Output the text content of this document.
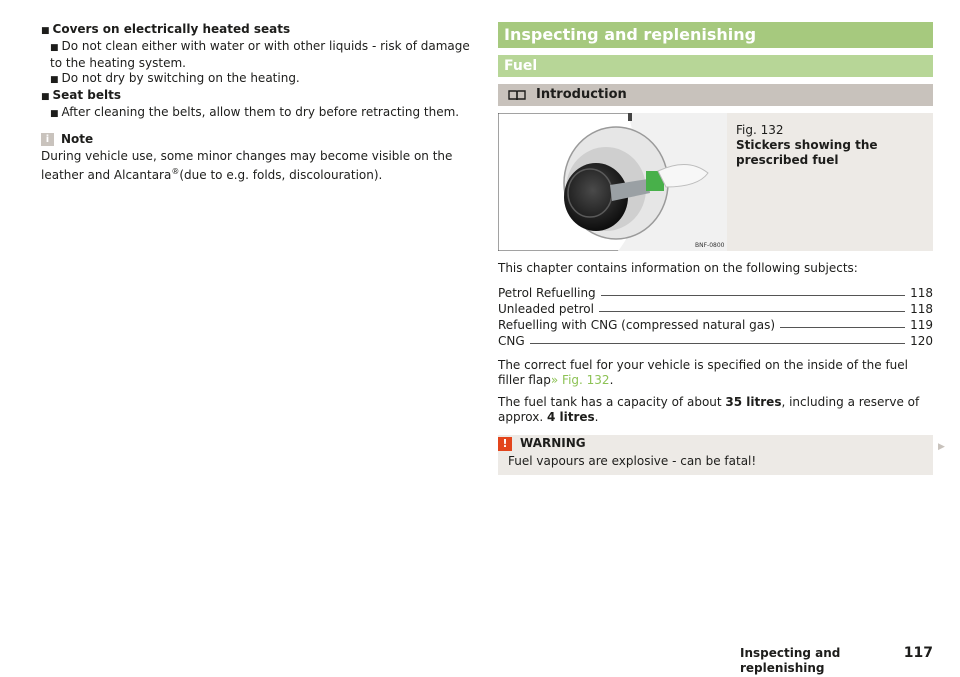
■ Covers on electrically heated seats
■ Do not clean either with water or with other liquids - risk of damage to the heating system.
■ Do not dry by switching on the heating.
■ Seat belts
■ After cleaning the belts, allow them to dry before retracting them.
i Note
During vehicle use, some minor changes may become visible on the leather and Alcantara®(due to e.g. folds, discolouration).
Inspecting and replenishing
Fuel
Introduction
BNF-0800
Fig. 132
Stickers showing the prescribed fuel
This chapter contains information on the following subjects:
Petrol Refuelling	118
Unleaded petrol	118
Refuelling with CNG (compressed natural gas)	119
CNG	120
The correct fuel for your vehicle is specified on the inside of the fuel filler flap» Fig. 132.
The fuel tank has a capacity of about 35 litres, including a reserve of approx. 4 litres.
!	WARNING
Fuel vapours are explosive - can be fatal!
▶
Inspecting and replenishing
117
